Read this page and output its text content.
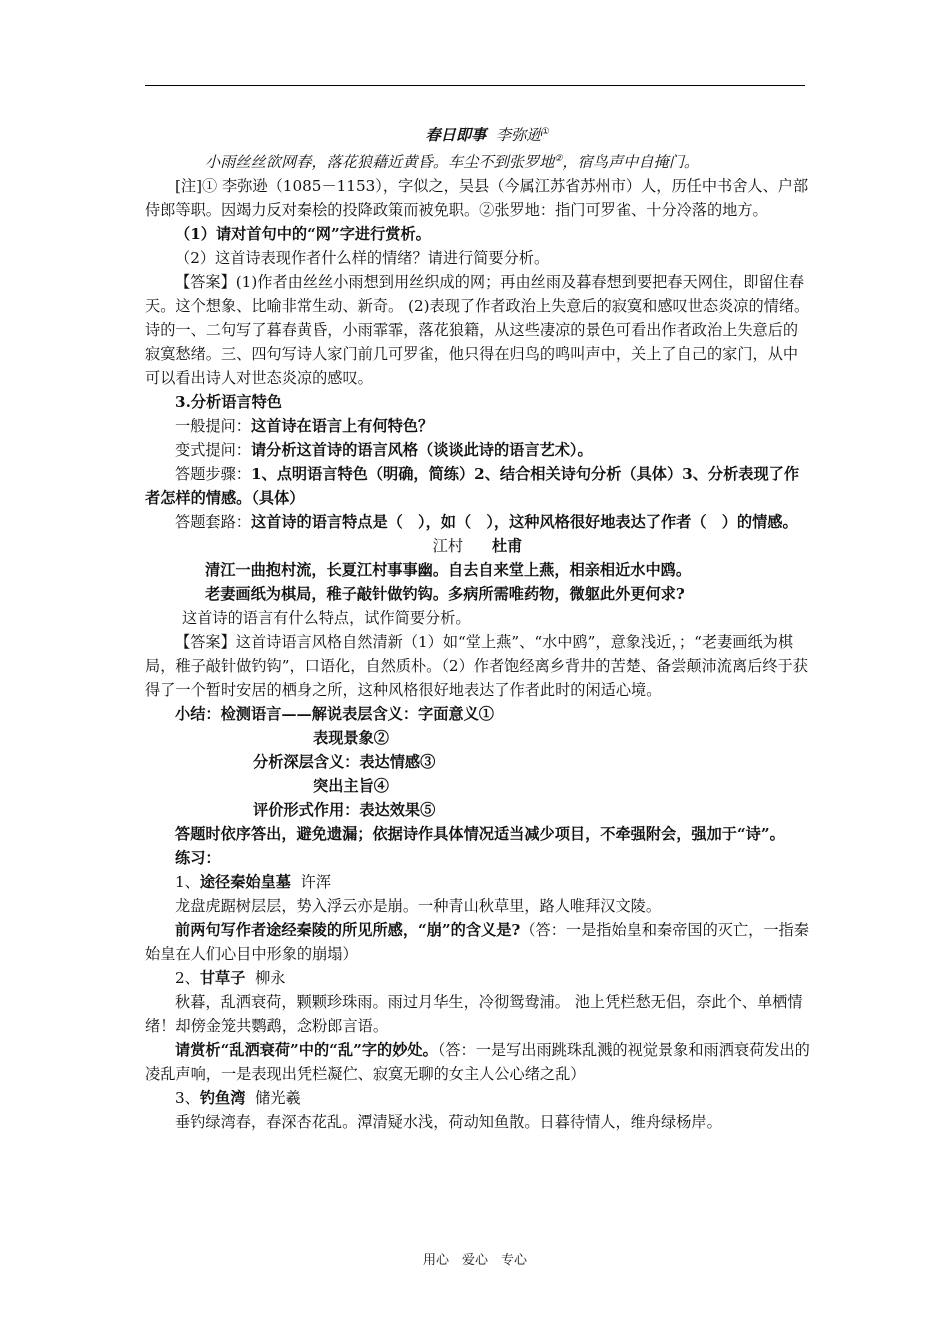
春日即事 李弥逊①

小雨丝丝欲网春，落花狼藉近黄昏。车尘不到张罗地②，宿鸟声中自掩门。

[注]① 李弥逊（1085－1153），字似之，吴县（今属江苏省苏州市）人，历任中书舍人、户部侍郎等职。因竭力反对秦桧的投降政策而被免职。②张罗地：指门可罗雀、十分冷落的地方。

（1）请对首句中的“网”字进行赏析。

（2）这首诗表现作者什么样的情绪？请进行简要分析。

【答案】(1)作者由丝丝小雨想到用丝织成的网；再由丝雨及暮春想到要把春天网住，即留住春天。这个想象、比喻非常生动、新奇。 (2)表现了作者政治上失意后的寂寞和感叹世态炎凉的情绪。诗的一、二句写了暮春黄昏，小雨霏霏，落花狼籍，从这些凄凉的景色可看出作者政治上失意后的寂寞愁绪。三、四句写诗人家门前几可罗雀，他只得在归鸟的鸣叫声中，关上了自己的家门，从中可以看出诗人对世态炎凉的感叹。

3.分析语言特色

一般提问：这首诗在语言上有何特色？

变式提问：请分析这首诗的语言风格（谈谈此诗的语言艺术）。

答题步骤：1、点明语言特色（明确，简练）2、结合相关诗句分析（具体）3、分析表现了作者怎样的情感。（具体）

答题套路：这首诗的语言特点是（　），如（　），这种风格很好地表达了作者（　）的情感。

江村 杜甫

清江一曲抱村流，长夏江村事事幽。自去自来堂上燕，相亲相近水中鸥。

老妻画纸为棋局，稚子敲针做钓钩。多病所需唯药物，微躯此外更何求?

这首诗的语言有什么特点，试作简要分析。

【答案】这首诗语言风格自然清新（1）如“堂上燕”、“水中鸥”，意象浅近，；“老妻画纸为棋局，稚子敲针做钓钩”，口语化，自然质朴。（2）作者饱经离乡背井的苦楚、备尝颠沛流离后终于获得了一个暂时安居的栖身之所，这种风格很好地表达了作者此时的闲适心境。

小结：检测语言——解说表层含义：字面意义①

表现景象②

分析深层含义：表达情感③

突出主旨④

评价形式作用：表达效果⑤

答题时依序答出，避免遗漏；依据诗作具体情况适当减少项目，不牵强附会，强加于“诗”。

练习：

1、途径秦始皇墓 许浑

龙盘虎踞树层层，势入浮云亦是崩。一种青山秋草里，路人唯拜汉文陵。

前两句写作者途经秦陵的所见所感，“崩”的含义是?（答：一是指始皇和秦帝国的灭亡，一指秦始皇在人们心目中形象的崩塌）

2、甘草子 柳永

秋暮，乱洒衰荷，颗颗珍珠雨。雨过月华生，冷彻鸳鸯浦。 池上凭栏愁无侣，奈此个、单栖情绪！却傍金笼共鹦鹉，念粉郎言语。

请赏析“乱洒衰荷”中的“乱”字的妙处。（答：一是写出雨跳珠乱溅的视觉景象和雨洒衰荷发出的凌乱声响，一是表现出凭栏凝伫、寂寞无聊的女主人公心绪之乱）

3、钓鱼湾 储光羲

垂钓绿湾春，春深杏花乱。潭清疑水浅，荷动知鱼散。日暮待情人，维舟绿杨岸。

用心　爱心　专心
